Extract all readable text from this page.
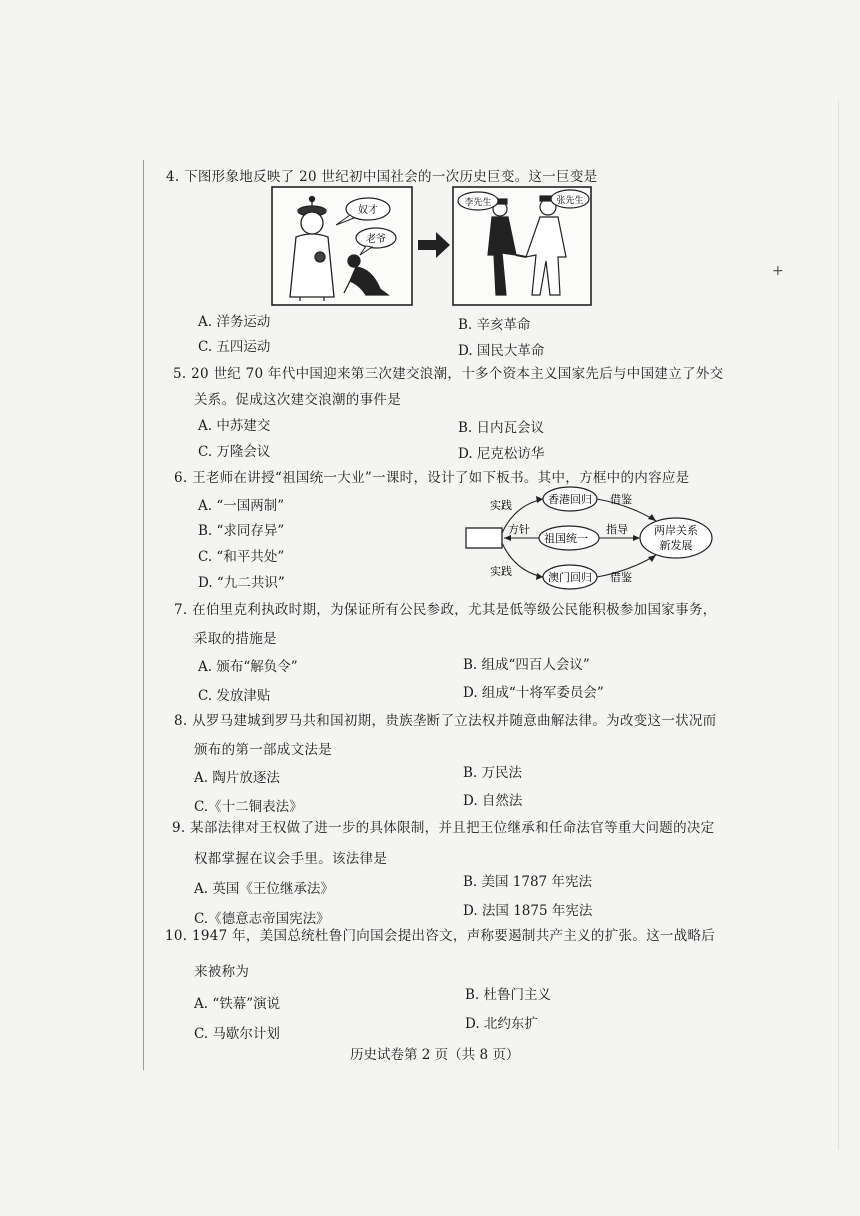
+
4. 下图形象地反映了 20 世纪初中国社会的一次历史巨变。这一巨变是
奴才
老爷
李先生	张先生
A. 洋务运动	B. 辛亥革命
C. 五四运动	D. 国民大革命
5. 20 世纪 70 年代中国迎来第三次建交浪潮，十多个资本主义国家先后与中国建立了外交
关系。促成这次建交浪潮的事件是
A. 中苏建交	B. 日内瓦会议
C. 万隆会议	D. 尼克松访华
6. 王老师在讲授“祖国统一大业”一课时，设计了如下板书。其中，方框中的内容应是
A. “一国两制”
B. “求同存异”
C. “和平共处”
D. “九二共识”
香港回归
祖国统一
澳门回归
两岸关系
新发展
实践
实践
方针	指导
借鉴
借鉴
7. 在伯里克利执政时期，为保证所有公民参政，尤其是低等级公民能积极参加国家事务，
采取的措施是
A. 颁布“解负令”	B. 组成“四百人会议”
C. 发放津贴	D. 组成“十将军委员会”
8. 从罗马建城到罗马共和国初期，贵族垄断了立法权并随意曲解法律。为改变这一状况而
颁布的第一部成文法是
A. 陶片放逐法	B. 万民法
C.《十二铜表法》	D. 自然法
9. 某部法律对王权做了进一步的具体限制，并且把王位继承和任命法官等重大问题的决定
权都掌握在议会手里。该法律是
A. 英国《王位继承法》	B. 美国 1787 年宪法
C.《德意志帝国宪法》	D. 法国 1875 年宪法
10. 1947 年，美国总统杜鲁门向国会提出咨文，声称要遏制共产主义的扩张。这一战略后
来被称为
A. “铁幕”演说
B. 杜鲁门主义
C. 马歇尔计划
D. 北约东扩
历史试卷第 2 页（共 8 页）
